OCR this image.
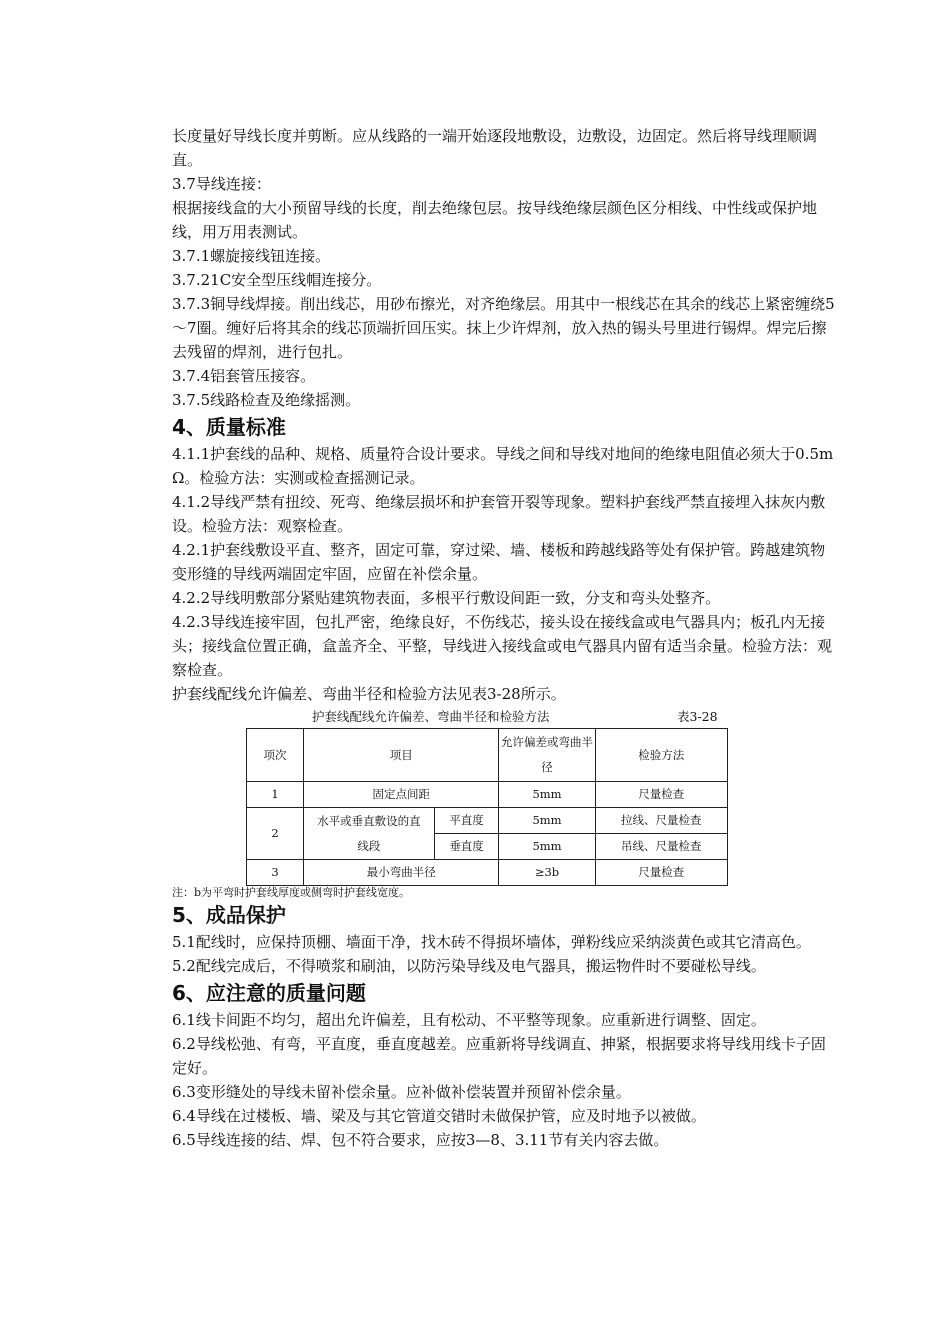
长度量好导线长度并剪断。应从线路的一端开始逐段地敷设，边敷设，边固定。然后将导线理顺调直。

3.7导线连接：

根据接线盒的大小预留导线的长度，削去绝缘包层。按导线绝缘层颜色区分相线、中性线或保护地线，用万用表测试。

3.7.1螺旋接线钮连接。

3.7.21C安全型压线帽连接分。

3.7.3铜导线焊接。削出线芯，用砂布擦光，对齐绝缘层。用其中一根线芯在其余的线芯上紧密缠绕5～7圈。缠好后将其余的线芯顶端折回压实。抹上少许焊剂，放入热的锡头号里进行锡焊。焊完后擦去残留的焊剂，进行包扎。

3.7.4铝套管压接容。

3.7.5线路检查及绝缘摇测。

4、质量标准

4.1.1护套线的品种、规格、质量符合设计要求。导线之间和导线对地间的绝缘电阻值必须大于0.5mΩ。检验方法：实测或检查摇测记录。

4.1.2导线严禁有扭绞、死弯、绝缘层损坏和护套管开裂等现象。塑料护套线严禁直接埋入抹灰内敷设。检验方法：观察检查。

4.2.1护套线敷设平直、整齐，固定可靠，穿过梁、墙、楼板和跨越线路等处有保护管。跨越建筑物变形缝的导线两端固定牢固，应留在补偿余量。

4.2.2导线明敷部分紧贴建筑物表面，多根平行敷设间距一致，分支和弯头处整齐。

4.2.3导线连接牢固，包扎严密，绝缘良好，不伤线芯，接头设在接线盒或电气器具内；板孔内无接头；接线盒位置正确，盒盖齐全、平整，导线进入接线盒或电气器具内留有适当余量。检验方法：观察检查。

护套线配线允许偏差、弯曲半径和检验方法见表3-28所示。

护套线配线允许偏差、弯曲半径和检验方法	表3-28
项次	项目		允许偏差或弯曲半径	检验方法
1	固定点间距		5mm	尺量检查
2	水平或垂直敷设的直线段	平直度	5mm	拉线、尺量检查
		垂直度	5mm	吊线、尺量检查
3	最小弯曲半径		≥3b	尺量检查

注：b为平弯时护套线厚度或侧弯时护套线宽度。

5、成品保护

5.1配线时，应保持顶棚、墙面干净，找木砖不得损坏墙体，弹粉线应采纳淡黄色或其它清高色。

5.2配线完成后，不得喷浆和刷油，以防污染导线及电气器具，搬运物件时不要碰松导线。

6、应注意的质量问题

6.1线卡间距不均匀，超出允许偏差，且有松动、不平整等现象。应重新进行调整、固定。

6.2导线松弛、有弯，平直度，垂直度越差。应重新将导线调直、抻紧，根据要求将导线用线卡子固定好。

6.3变形缝处的导线未留补偿余量。应补做补偿装置并预留补偿余量。

6.4导线在过楼板、墙、梁及与其它管道交错时未做保护管，应及时地予以被做。

6.5导线连接的结、焊、包不符合要求，应按3—8、3.11节有关内容去做。
